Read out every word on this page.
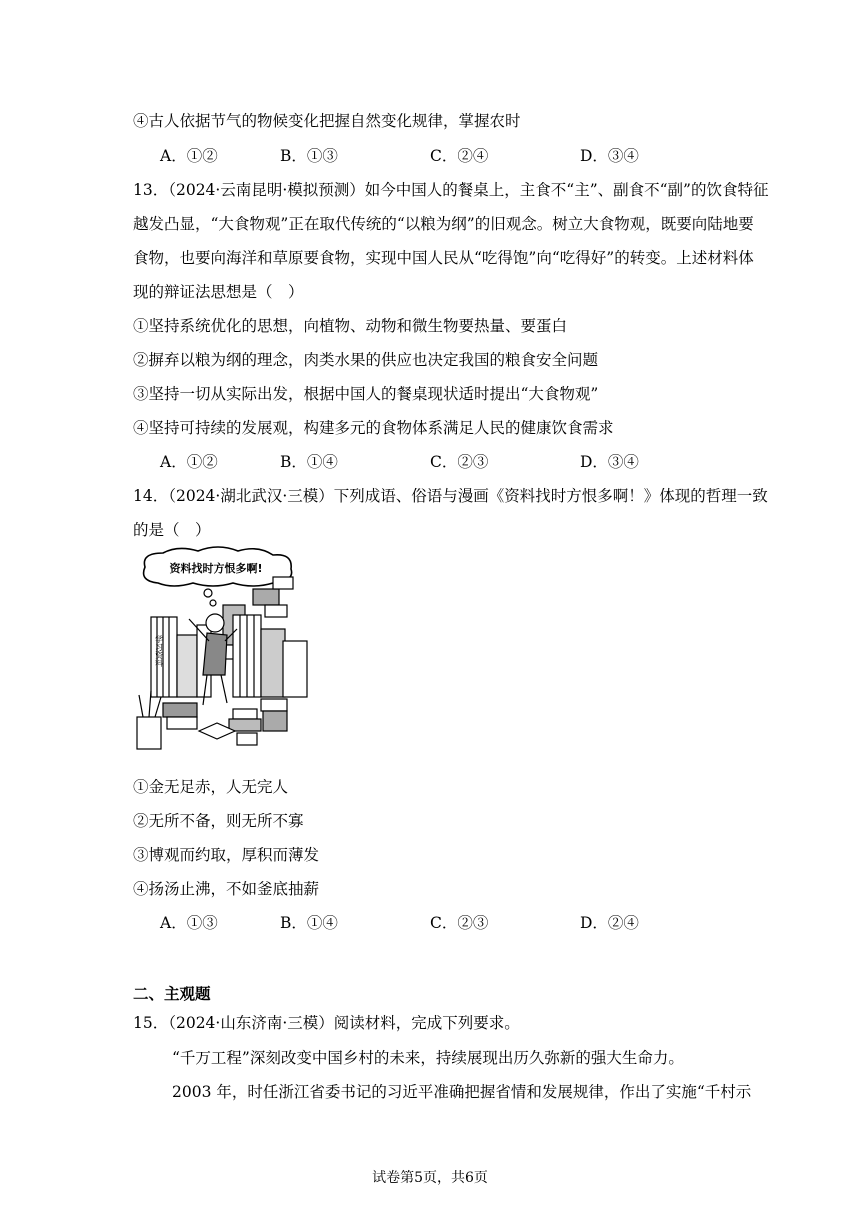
④古人依据节气的物候变化把握自然变化规律，掌握农时
A．①②	B．①③	C．②④	D．③④
13．（2024·云南昆明·模拟预测）如今中国人的餐桌上，主食不“主”、副食不“副”的饮食特征
越发凸显，“大食物观”正在取代传统的“以粮为纲”的旧观念。树立大食物观，既要向陆地要
食物，也要向海洋和草原要食物，实现中国人民从“吃得饱”向“吃得好”的转变。上述材料体
现的辩证法思想是（　）
①坚持系统优化的思想，向植物、动物和微生物要热量、要蛋白
②摒弃以粮为纲的理念，肉类水果的供应也决定我国的粮食安全问题
③坚持一切从实际出发，根据中国人的餐桌现状适时提出“大食物观”
④坚持可持续的发展观，构建多元的食物体系满足人民的健康饮食需求
A．①②	B．①④	C．②③	D．③④
14．（2024·湖北武汉·三模）下列成语、俗语与漫画《资料找时方恨多啊！》体现的哲理一致
的是（　）
资料找时方恨多啊!
学习资料
①金无足赤，人无完人
②无所不备，则无所不寡
③博观而约取，厚积而薄发
④扬汤止沸，不如釜底抽薪
A．①③	B．①④	C．②③	D．②④
二、主观题
15．（2024·山东济南·三模）阅读材料，完成下列要求。
“千万工程”深刻改变中国乡村的未来，持续展现出历久弥新的强大生命力。
2003 年，时任浙江省委书记的习近平准确把握省情和发展规律，作出了实施“千村示
试卷第5页，共6页
